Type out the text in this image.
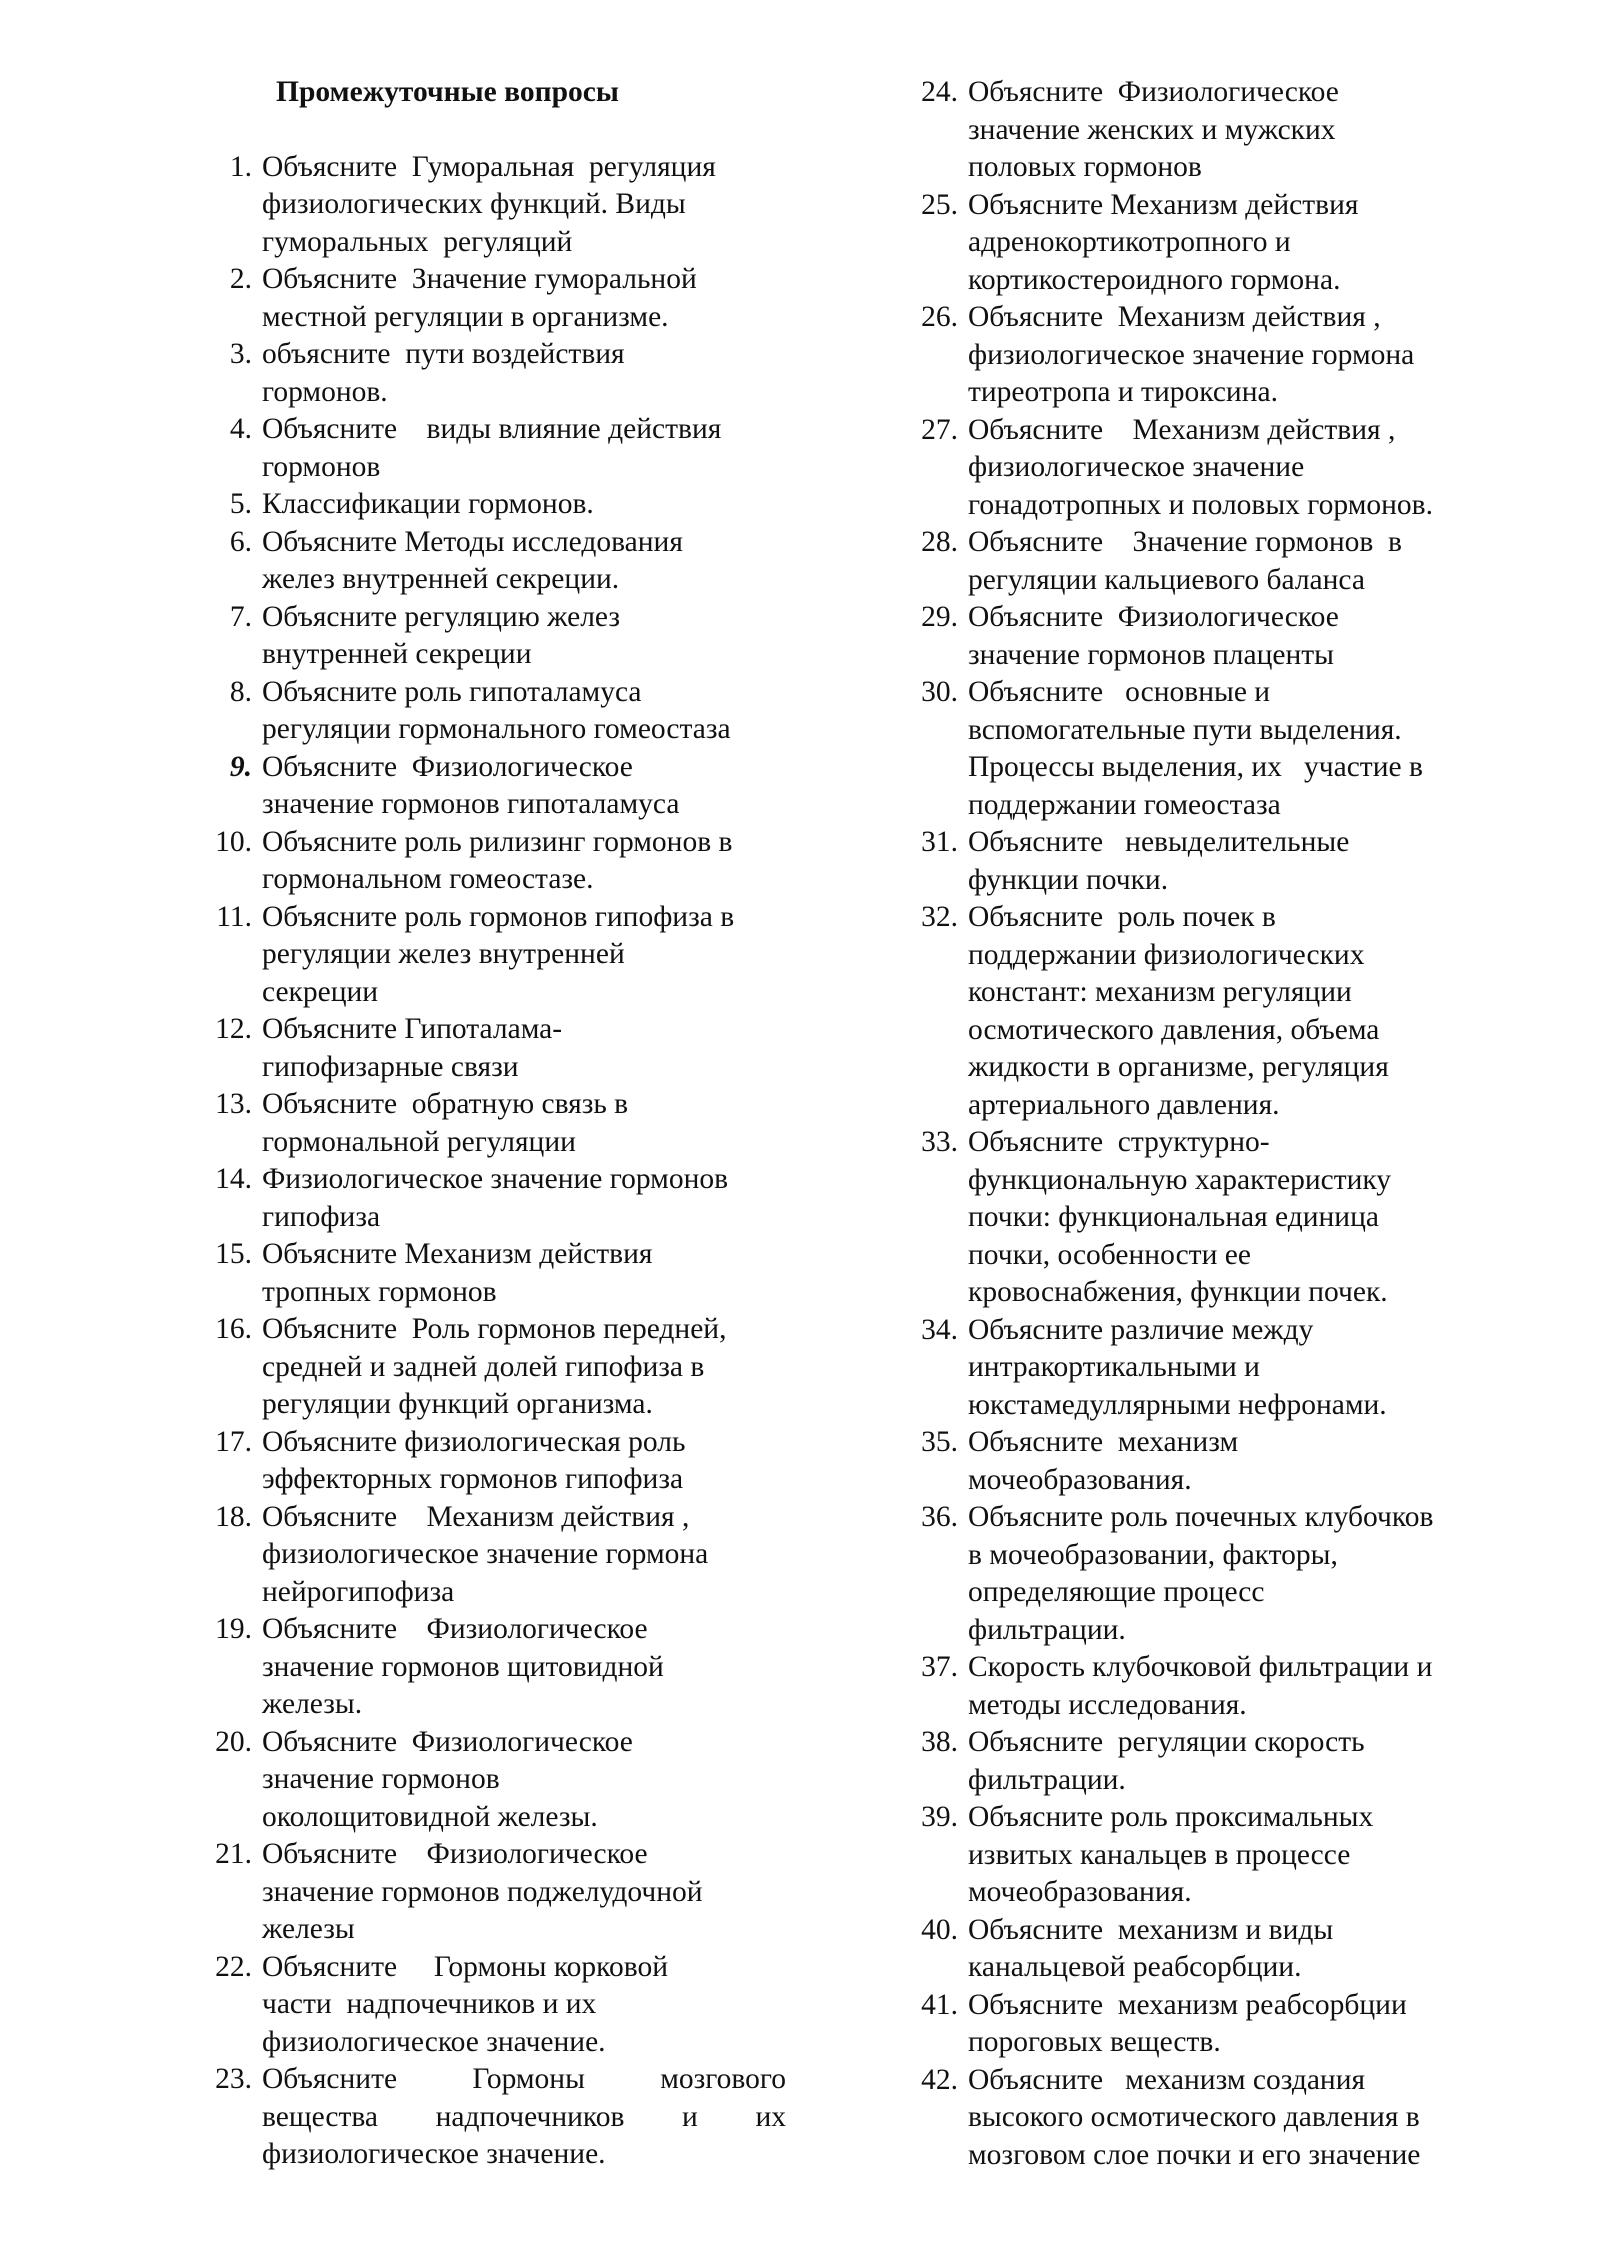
Промежуточные вопросы
1. Объясните  Гуморальная  регуляция
физиологических функций. Виды
гуморальных  регуляций
2. Объясните  Значение гуморальной
местной регуляции в организме.
3. объясните  пути воздействия
гормонов.
4. Объясните    виды влияние действия
гормонов
5. Классификации гормонов.
6. Объясните Методы исследования
желез внутренней секреции.
7. Объясните регуляцию желез
внутренней секреции
8. Объясните роль гипоталамуса
регуляции гормонального гомеостаза
9. Объясните  Физиологическое
значение гормонов гипоталамуса
10. Объясните роль рилизинг гормонов в
гормональном гомеостазе.
11. Объясните роль гормонов гипофиза в
регуляции желез внутренней
секреции
12. Объясните Гипоталама-
гипофизарные связи
13. Объясните  обратную связь в
гормональной регуляции
14. Физиологическое значение гормонов
гипофиза
15. Объясните Механизм действия
тропных гормонов
16. Объясните  Роль гормонов передней,
средней и задней долей гипофиза в
регуляции функций организма.
17. Объясните физиологическая роль
эффекторных гормонов гипофиза
18. Объясните    Механизм действия ,
физиологическое значение гормона
нейрогипофиза
19. Объясните    Физиологическое
значение гормонов щитовидной
железы.
20. Объясните  Физиологическое
значение гормонов
околощитовидной железы.
21. Объясните    Физиологическое
значение гормонов поджелудочной
железы
22. Объясните     Гормоны корковой
части  надпочечников и их
физиологическое значение.
23. Объясните      Гормоны      мозгового
вещества     надпочечников     и     их
физиологическое значение.
24. Объясните  Физиологическое
значение женских и мужских
половых гормонов
25. Объясните Механизм действия
адренокортикотропного и
кортикостероидного гормона.
26. Объясните  Механизм действия ,
физиологическое значение гормона
тиреотропа и тироксина.
27. Объясните    Механизм действия ,
физиологическое значение
гонадотропных и половых гормонов.
28. Объясните    Значение гормонов  в
регуляции кальциевого баланса
29. Объясните  Физиологическое
значение гормонов плаценты
30. Объясните   основные и
вспомогательные пути выделения.
Процессы выделения, их   участие в
поддержании гомеостаза
31. Объясните   невыделительные
функции почки.
32. Объясните  роль почек в
поддержании физиологических
констант: механизм регуляции
осмотического давления, объема
жидкости в организме, регуляция
артериального давления.
33. Объясните  структурно-
функциональную характеристику
почки: функциональная единица
почки, особенности ее
кровоснабжения, функции почек.
34. Объясните различие между
интракортикальными и
юкстамедуллярными нефронами.
35. Объясните  механизм
мочеобразования.
36. Объясните роль почечных клубочков
в мочеобразовании, факторы,
определяющие процесс
фильтрации.
37. Скорость клубочковой фильтрации и
методы исследования.
38. Объясните  регуляции скорость
фильтрации.
39. Объясните роль проксимальных
извитых канальцев в процессе
мочеобразования.
40. Объясните  механизм и виды
канальцевой реабсорбции.
41. Объясните  механизм реабсорбции
пороговых веществ.
42. Объясните   механизм создания
высокого осмотического давления в
мозговом слое почки и его значение
